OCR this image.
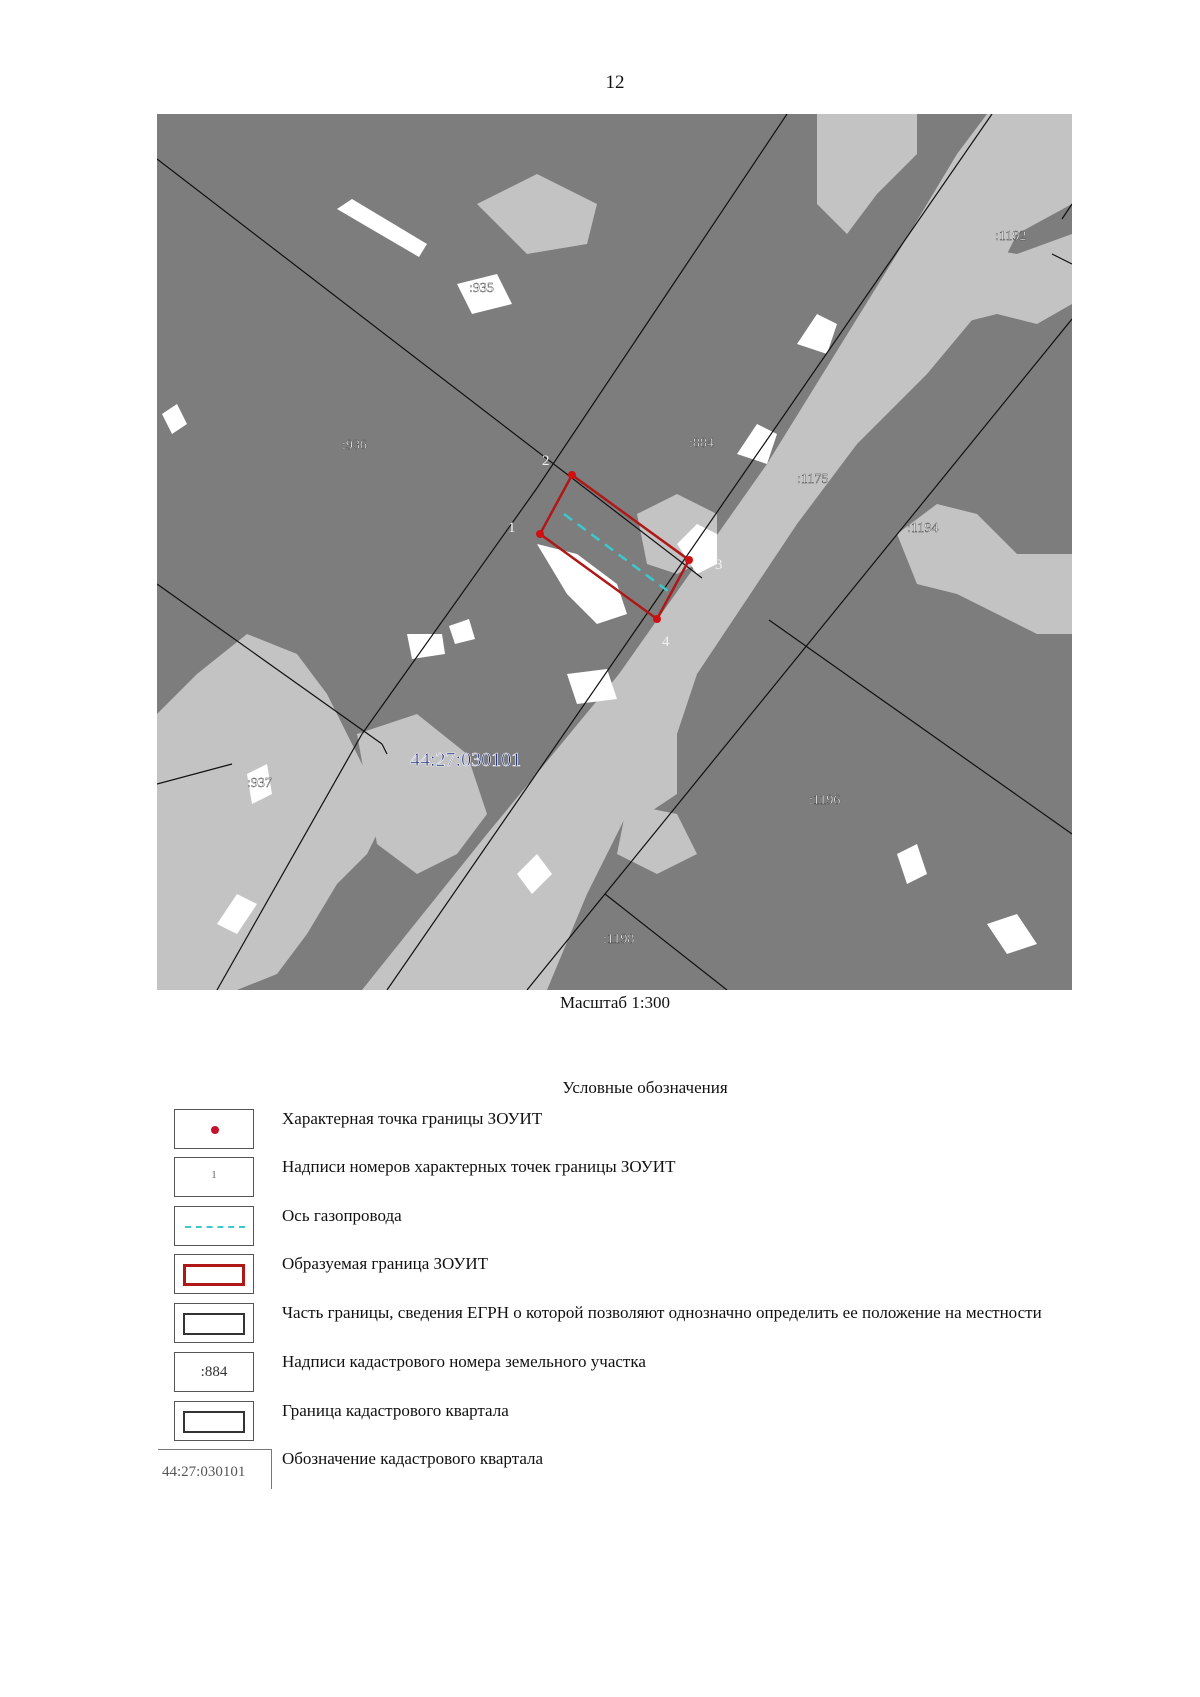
12
1
2
3
4
:935
:936	:884
:1175
:1192
:1194
:937
:1196
:1198
44:27:030101
Масштаб 1:300
Условные обозначения
Характерная точка границы ЗОУИТ
1	Надписи номеров характерных точек границы ЗОУИТ
Ось газопровода
Образуемая граница ЗОУИТ
Часть границы, сведения ЕГРН о которой позволяют однозначно определить ее положение на местности
:884
Надписи кадастрового номера земельного участка
Граница кадастрового квартала
44:27:030101
Обозначение кадастрового квартала
